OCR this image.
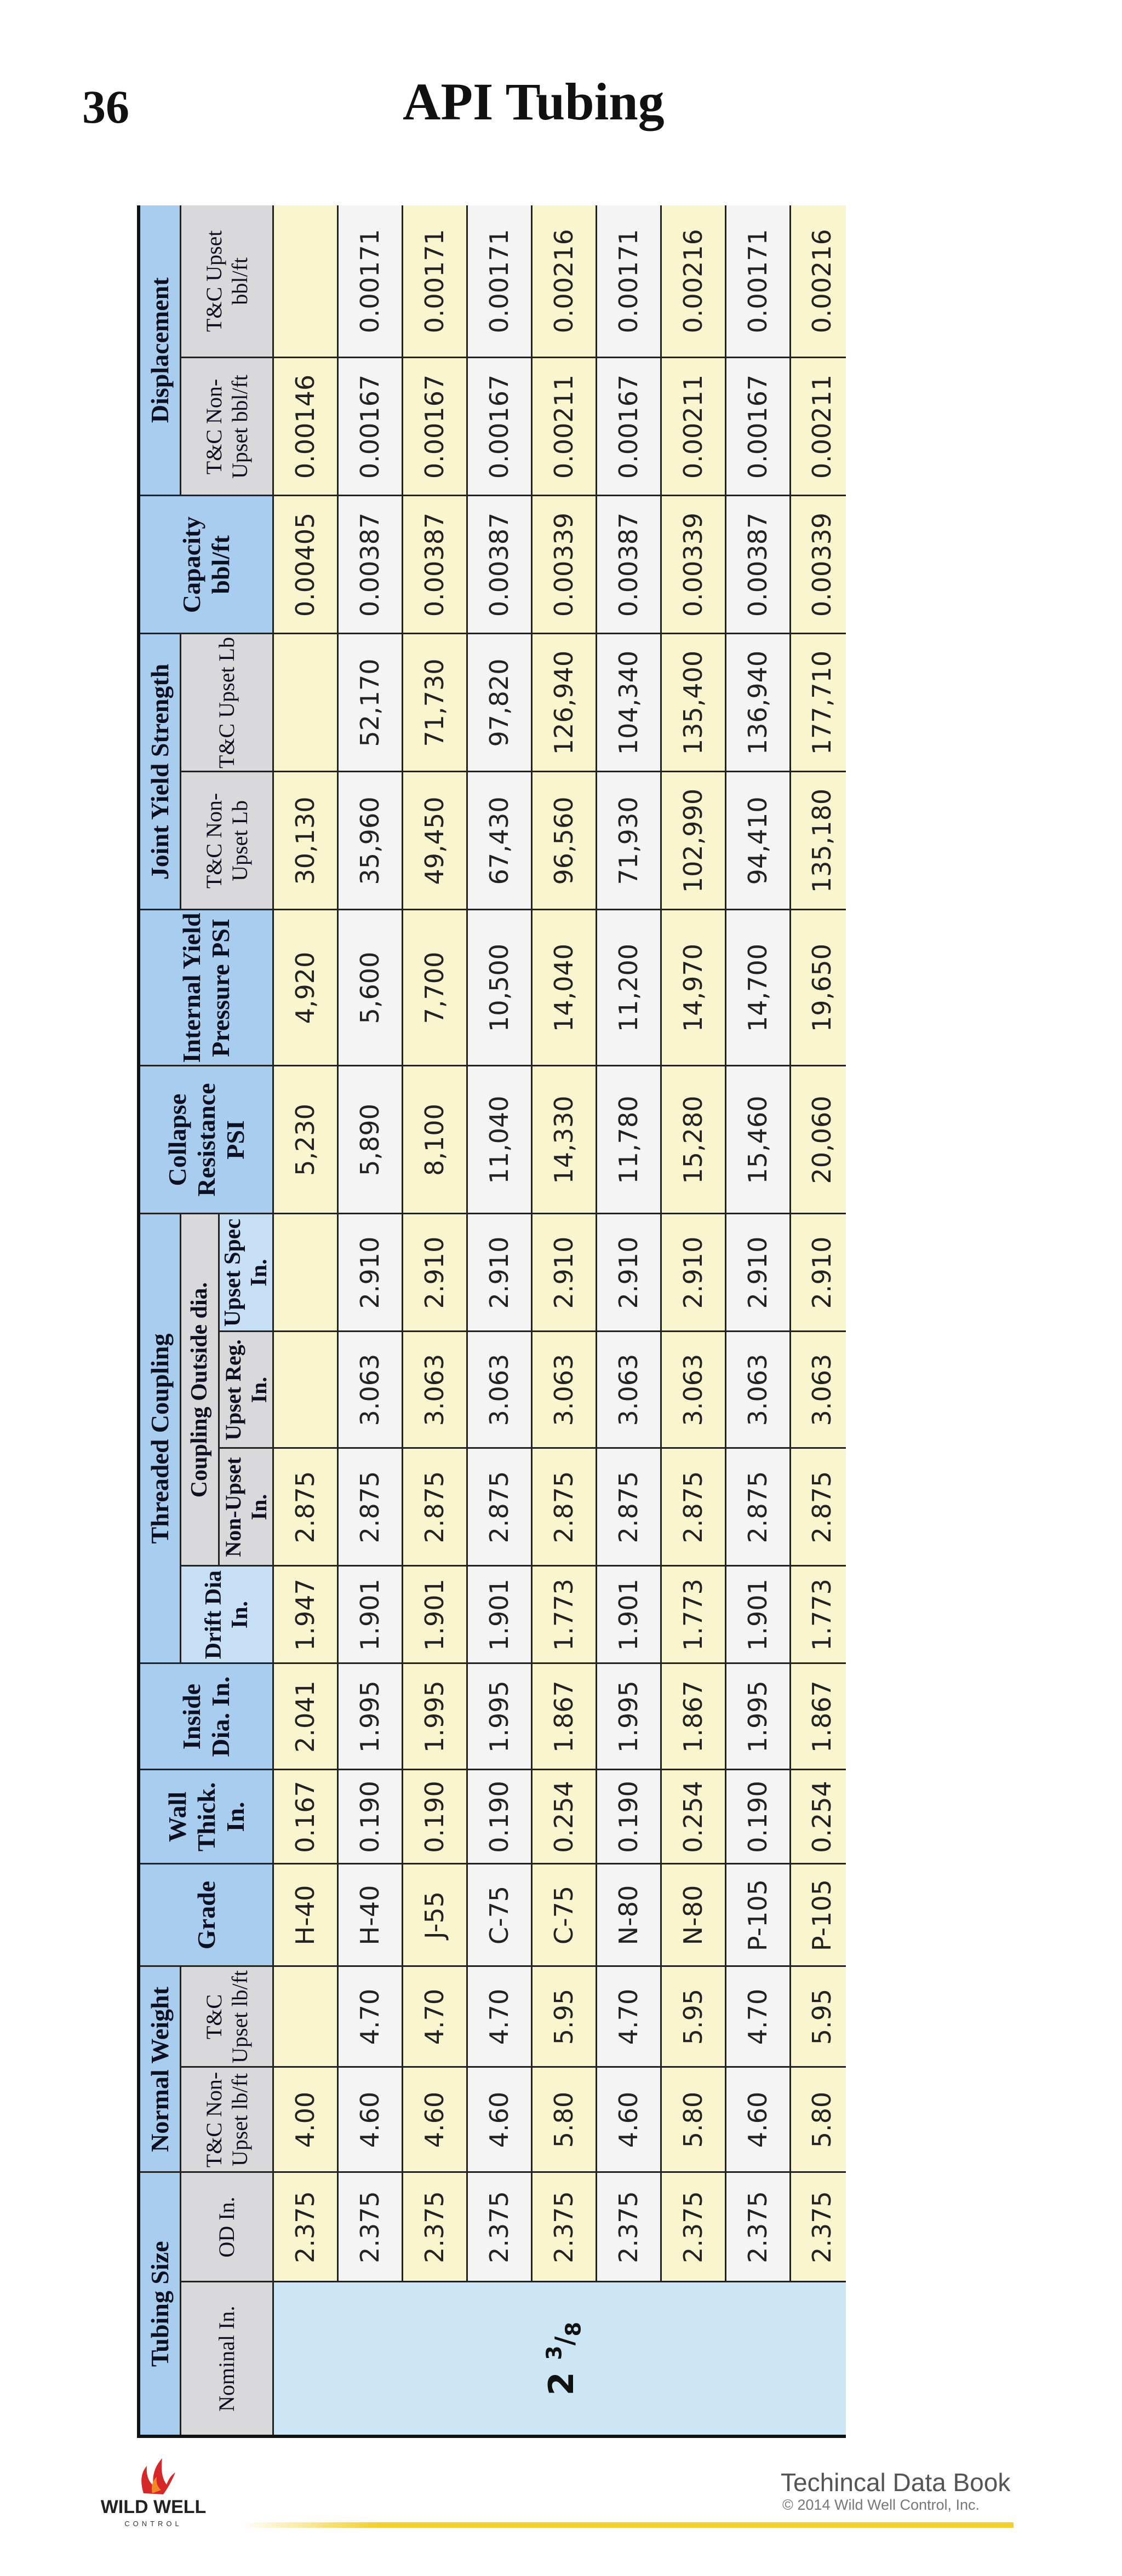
36	API Tubing
Tubing Size		Normal Weight		Grade	Wall Thick. In.	Inside Dia. In.	Threaded Coupling				Collapse Resistance PSI	Internal Yield Pressure PSI	Joint Yield Strength		Capacity bbl/ft	Displacement	
Nominal In.	OD In.	T&C Non-Upset lb/ft	T&C Upset lb/ft				Drift Dia In.	Coupling Outside dia.					T&C Non-Upset Lb	T&C Upset Lb		T&C Non-Upset bbl/ft	T&C Upset bbl/ft
								Non-Upset In.	Upset Reg. In.	Upset Spec In.							
2 $^3/_8$	2.375	4.00		H-40	0.167	2.041	1.947	2.875			5,230	4,920	30,130		0.00405	0.00146	
	2.375	4.60	4.70	H-40	0.190	1.995	1.901	2.875	3.063	2.910	5,890	5,600	35,960	52,170	0.00387	0.00167	0.00171
	2.375	4.60	4.70	J-55	0.190	1.995	1.901	2.875	3.063	2.910	8,100	7,700	49,450	71,730	0.00387	0.00167	0.00171
	2.375	4.60	4.70	C-75	0.190	1.995	1.901	2.875	3.063	2.910	11,040	10,500	67,430	97,820	0.00387	0.00167	0.00171
	2.375	5.80	5.95	C-75	0.254	1.867	1.773	2.875	3.063	2.910	14,330	14,040	96,560	126,940	0.00339	0.00211	0.00216
	2.375	4.60	4.70	N-80	0.190	1.995	1.901	2.875	3.063	2.910	11,780	11,200	71,930	104,340	0.00387	0.00167	0.00171
	2.375	5.80	5.95	N-80	0.254	1.867	1.773	2.875	3.063	2.910	15,280	14,970	102,990	135,400	0.00339	0.00211	0.00216
	2.375	4.60	4.70	P-105	0.190	1.995	1.901	2.875	3.063	2.910	15,460	14,700	94,410	136,940	0.00387	0.00167	0.00171
	2.375	5.80	5.95	P-105	0.254	1.867	1.773	2.875	3.063	2.910	20,060	19,650	135,180	177,710	0.00339	0.00211	0.00216
WILD WELL
CONTROL
Techincal Data Book
© 2014 Wild Well Control, Inc.
